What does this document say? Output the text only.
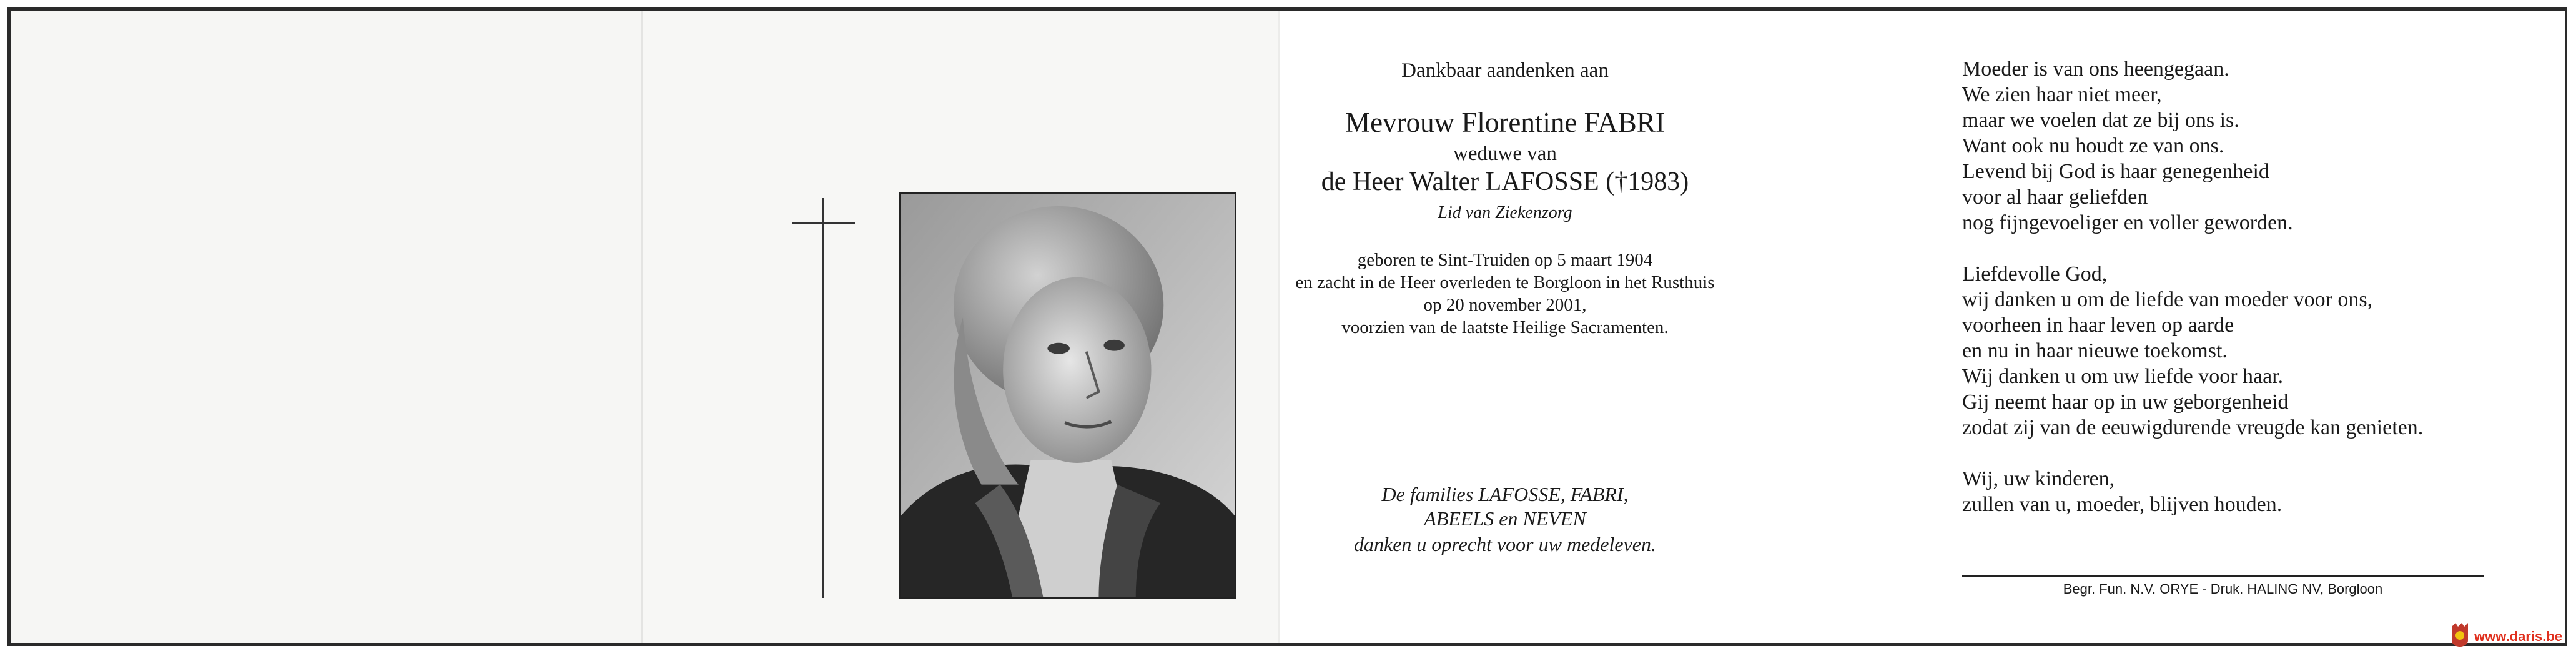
Dankbaar aandenken aan
Mevrouw Florentine FABRI
weduwe van
de Heer Walter LAFOSSE (†1983)
Lid van Ziekenzorg
geboren te Sint-Truiden op 5 maart 1904
en zacht in de Heer overleden te Borgloon in het Rusthuis
op 20 november 2001,
voorzien van de laatste Heilige Sacramenten.
De families LAFOSSE, FABRI,
ABEELS en NEVEN
danken u oprecht voor uw medeleven.

Moeder is van ons heengegaan.

We zien haar niet meer,

maar we voelen dat ze bij ons is.

Want ook nu houdt ze van ons.

Levend bij God is haar genegenheid

voor al haar geliefden

nog fijngevoeliger en voller geworden.

Liefdevolle God,

wij danken u om de liefde van moeder voor ons,

voorheen in haar leven op aarde

en nu in haar nieuwe toekomst.

Wij danken u om uw liefde voor haar.

Gij neemt haar op in uw geborgenheid

zodat zij van de eeuwigdurende vreugde kan genieten.

Wij, uw kinderen,

zullen van u, moeder, blijven houden.

Begr. Fun. N.V. ORYE - Druk. HALING NV, Borgloon
www.daris.be
